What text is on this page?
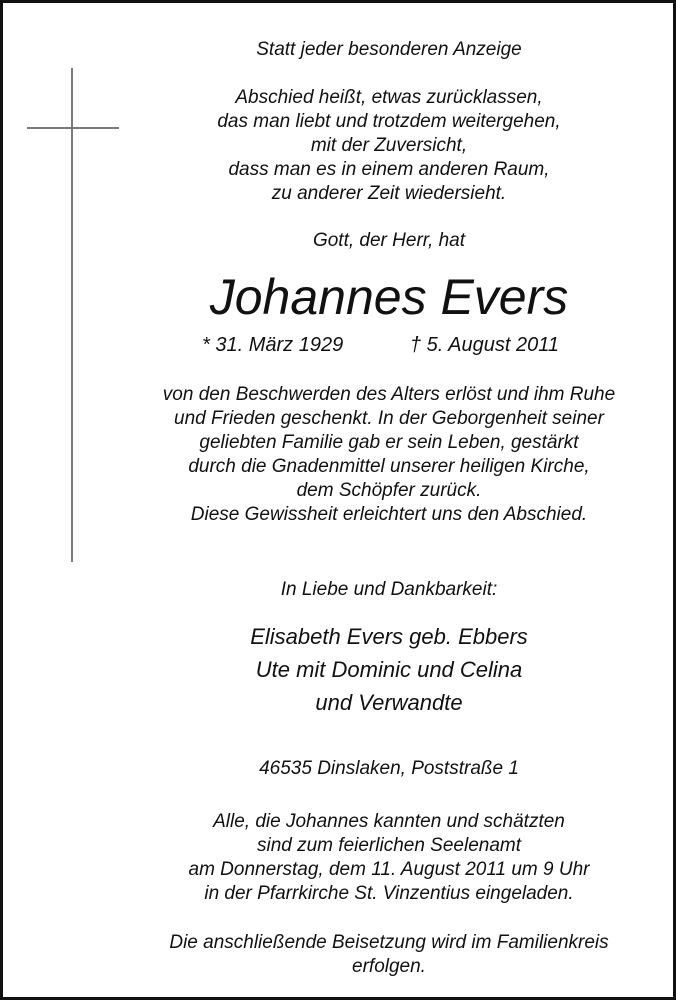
Statt jeder besonderen Anzeige
Abschied heißt, etwas zurücklassen,
das man liebt und trotzdem weitergehen,
mit der Zuversicht,
dass man es in einem anderen Raum,
zu anderer Zeit wiedersieht.
Gott, der Herr, hat
Johannes Evers
* 31. März 1929	† 5. August 2011
von den Beschwerden des Alters erlöst und ihm Ruhe
und Frieden geschenkt. In der Geborgenheit seiner
geliebten Familie gab er sein Leben, gestärkt
durch die Gnadenmittel unserer heiligen Kirche,
dem Schöpfer zurück.
Diese Gewissheit erleichtert uns den Abschied.
In Liebe und Dankbarkeit:
Elisabeth Evers geb. Ebbers
Ute mit Dominic und Celina
und Verwandte
46535 Dinslaken, Poststraße 1
Alle, die Johannes kannten und schätzten
sind zum feierlichen Seelenamt
am Donnerstag, dem 11. August 2011 um 9 Uhr
in der Pfarrkirche St. Vinzentius eingeladen.
Die anschließende Beisetzung wird im Familienkreis
erfolgen.
